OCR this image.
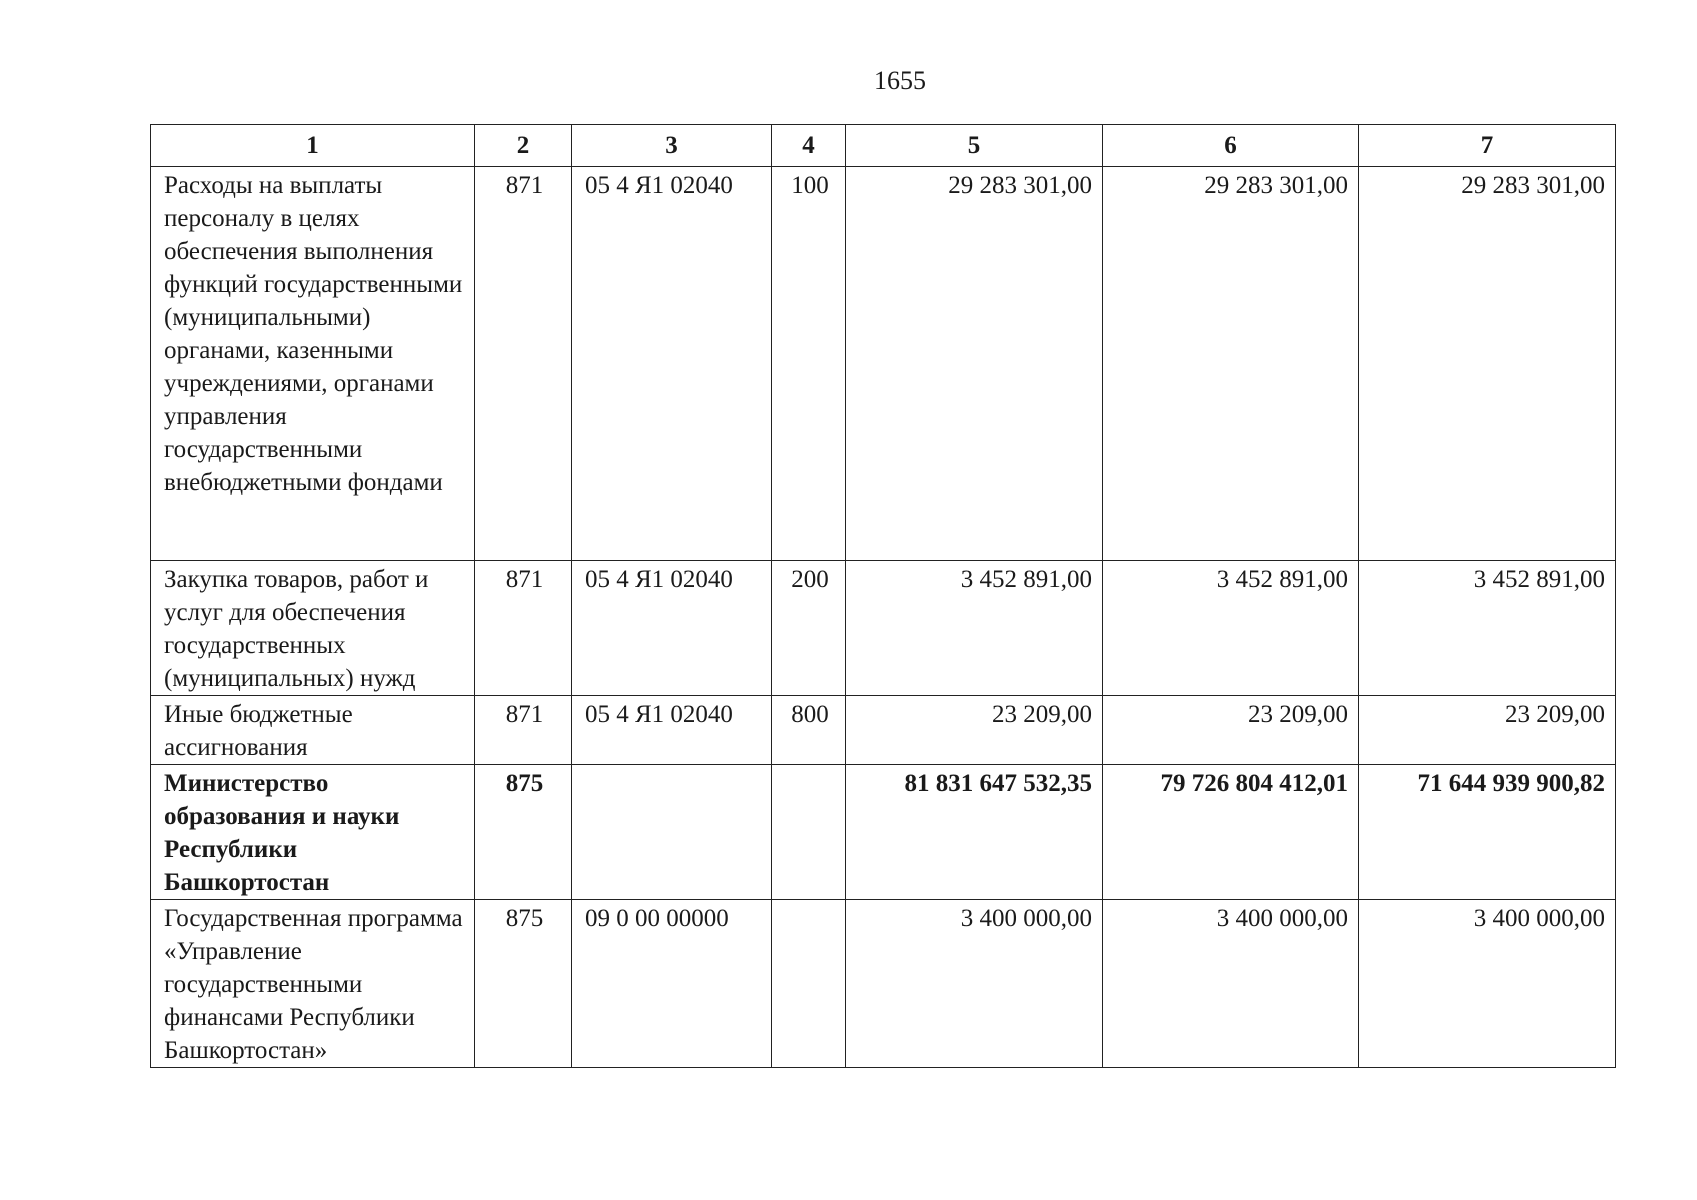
1655
1	2	3	4	5	6	7
Расходы на выплаты персоналу в целях обеспечения выполнения функций государственными (муниципальными) органами, казенными учреждениями, органами управления государственными внебюджетными фондами	871	05 4 Я1 02040	100	29 283 301,00	29 283 301,00	29 283 301,00
Закупка товаров, работ и услуг для обеспечения государственных (муниципальных) нужд	871	05 4 Я1 02040	200	3 452 891,00	3 452 891,00	3 452 891,00
Иные бюджетные ассигнования	871	05 4 Я1 02040	800	23 209,00	23 209,00	23 209,00
Министерство образования и науки Республики Башкортостан	875			81 831 647 532,35	79 726 804 412,01	71 644 939 900,82
Государственная программа «Управление государственными финансами Республики Башкортостан»	875	09 0 00 00000		3 400 000,00	3 400 000,00	3 400 000,00
